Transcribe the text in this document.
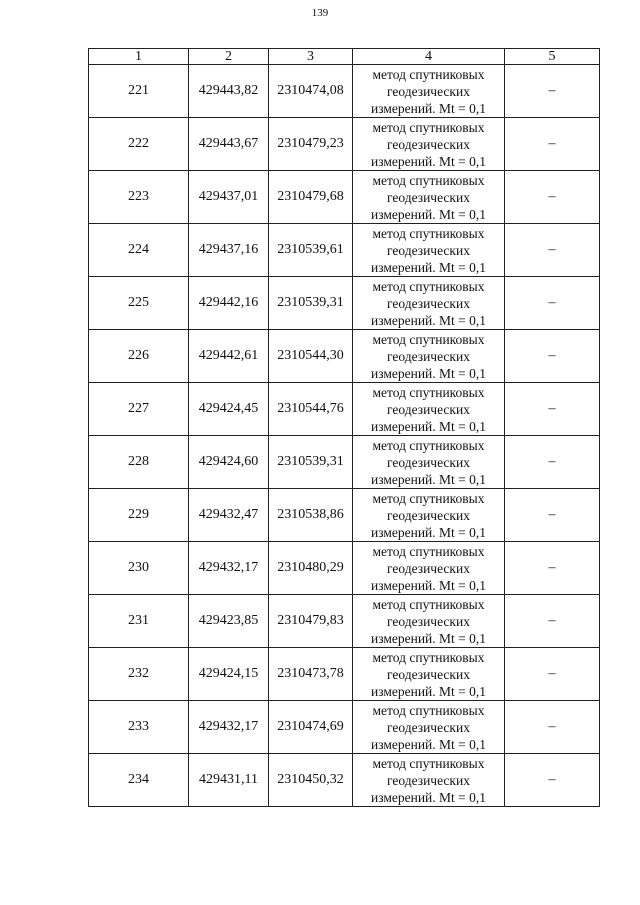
139
1	2	3	4	5
221	429443,82	2310474,08	метод спутниковых
геодезических
измерений. Mt = 0,1	–
222	429443,67	2310479,23	метод спутниковых
геодезических
измерений. Mt = 0,1	–
223	429437,01	2310479,68	метод спутниковых
геодезических
измерений. Mt = 0,1	–
224	429437,16	2310539,61	метод спутниковых
геодезических
измерений. Mt = 0,1	–
225	429442,16	2310539,31	метод спутниковых
геодезических
измерений. Mt = 0,1	–
226	429442,61	2310544,30	метод спутниковых
геодезических
измерений. Mt = 0,1	–
227	429424,45	2310544,76	метод спутниковых
геодезических
измерений. Mt = 0,1	–
228	429424,60	2310539,31	метод спутниковых
геодезических
измерений. Mt = 0,1	–
229	429432,47	2310538,86	метод спутниковых
геодезических
измерений. Mt = 0,1	–
230	429432,17	2310480,29	метод спутниковых
геодезических
измерений. Mt = 0,1	–
231	429423,85	2310479,83	метод спутниковых
геодезических
измерений. Mt = 0,1	–
232	429424,15	2310473,78	метод спутниковых
геодезических
измерений. Mt = 0,1	–
233	429432,17	2310474,69	метод спутниковых
геодезических
измерений. Mt = 0,1	–
234	429431,11	2310450,32	метод спутниковых
геодезических
измерений. Mt = 0,1	–
